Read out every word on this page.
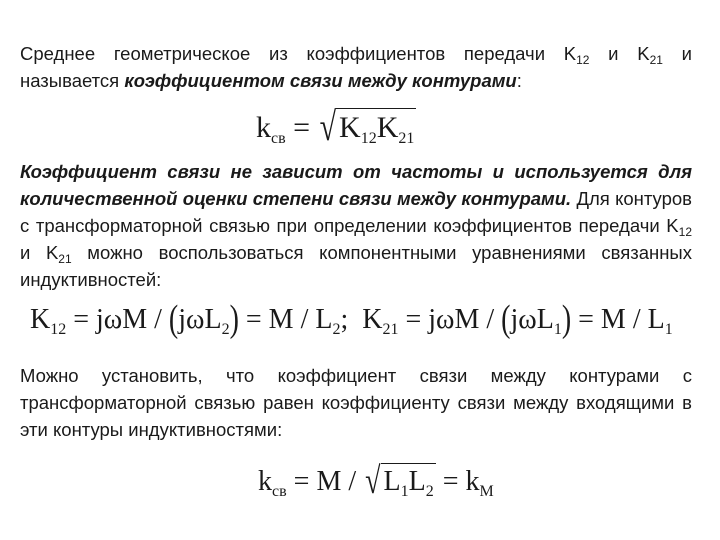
Среднее геометрическое из коэффициентов передачи $K_{12}$ и $K_{21}$ и
называется коэффициентом связи между контурами:
$k_{св}$ = √ $K_{12}K_{21}$
Коэффициент связи не зависит от частоты и используется для количественной оценки степени связи между контурами. Для контуров с трансформаторной связью при определении коэффициентов передачи $K_{12}$ и $K_{21}$ можно воспользоваться компонентными уравнениями связанных индуктивностей:
$K_{12} = j\omega M / (j\omega L_2) = M / L_2$;  $K_{21} = j\omega M / (j\omega L_1) = M / L_1$
Можно установить, что коэффициент связи между контурами с трансформаторной связью равен коэффициенту связи между входящими в эти контуры индуктивностями:
$k_{св} = M$ / √ $L_1L_2 = k_M$
